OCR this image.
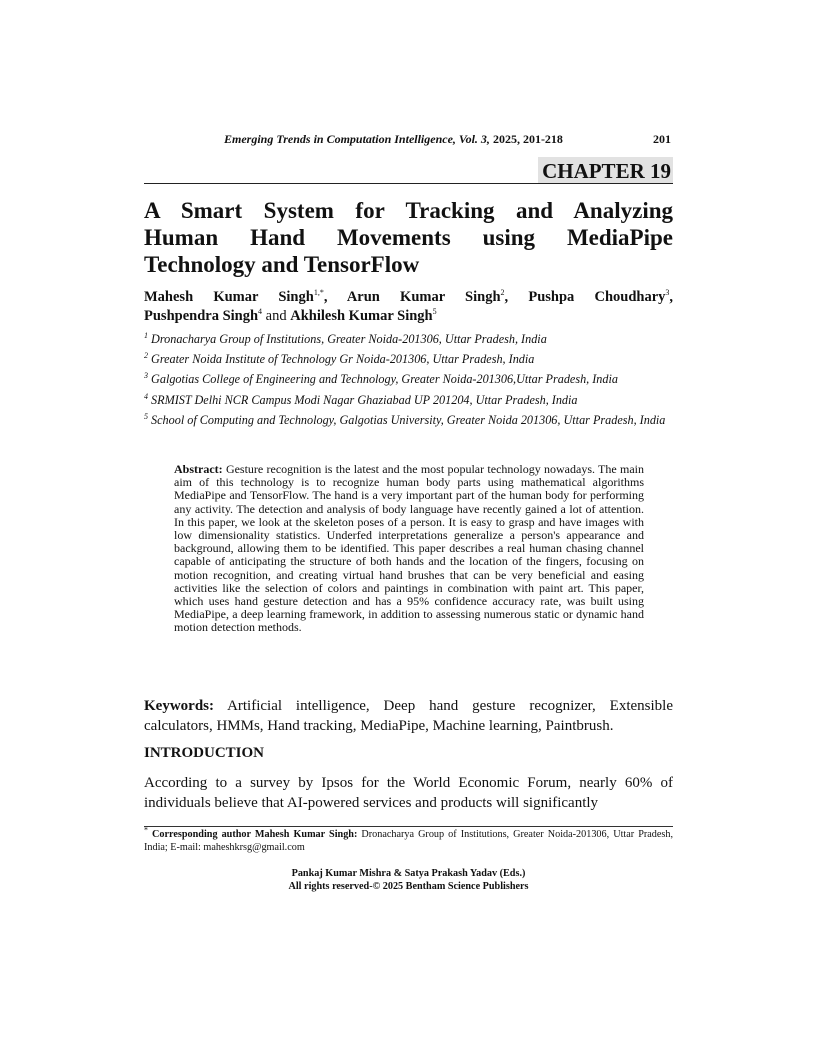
Emerging Trends in Computation Intelligence, Vol. 3, 2025, 201-218	201
CHAPTER 19
A Smart System for Tracking and Analyzing
Human Hand Movements using MediaPipe Technology and TensorFlow
Mahesh Kumar Singh$^{1,*}$, Arun Kumar Singh$^2$, Pushpa Choudhary$^3$,
Pushpendra Singh$^4$ and Akhilesh Kumar Singh$^5$
$^1$ Dronacharya Group of Institutions, Greater Noida-201306, Uttar Pradesh, India
$^2$ Greater Noida Institute of Technology Gr Noida-201306, Uttar Pradesh, India
$^3$ Galgotias College of Engineering and Technology, Greater Noida-201306,Uttar Pradesh, India
$^4$ SRMIST Delhi NCR Campus Modi Nagar Ghaziabad UP 201204, Uttar Pradesh, India
$^5$ School of Computing and Technology, Galgotias University, Greater Noida 201306, Uttar Pradesh, India
Abstract: Gesture recognition is the latest and the most popular technology nowadays. The main aim of this technology is to recognize human body parts using mathematical algorithms MediaPipe and TensorFlow. The hand is a very important part of the human body for performing any activity. The detection and analysis of body language have recently gained a lot of attention. In this paper, we look at the skeleton poses of a person. It is easy to grasp and have images with low dimensionality statistics. Underfed interpretations generalize a person's appearance and background, allowing them to be identified. This paper describes a real human chasing channel capable of anticipating the structure of both hands and the location of the fingers, focusing on motion recognition, and creating virtual hand brushes that can be very beneficial and easing activities like the selection of colors and paintings in combination with paint art. This paper, which uses hand gesture detection and has a 95% confidence accuracy rate, was built using MediaPipe, a deep learning framework, in addition to assessing numerous static or dynamic hand motion detection methods.
Keywords: Artificial intelligence, Deep hand gesture recognizer, Extensible calculators, HMMs, Hand tracking, MediaPipe, Machine learning, Paintbrush.
INTRODUCTION
According to a survey by Ipsos for the World Economic Forum, nearly 60% of
individuals believe that AI-powered services and products will significantly
* Corresponding author Mahesh Kumar Singh: Dronacharya Group of Institutions, Greater Noida-201306, Uttar Pradesh, India; E-mail: maheshkrsg@gmail.com
Pankaj Kumar Mishra & Satya Prakash Yadav (Eds.)
All rights reserved-© 2025 Bentham Science Publishers
